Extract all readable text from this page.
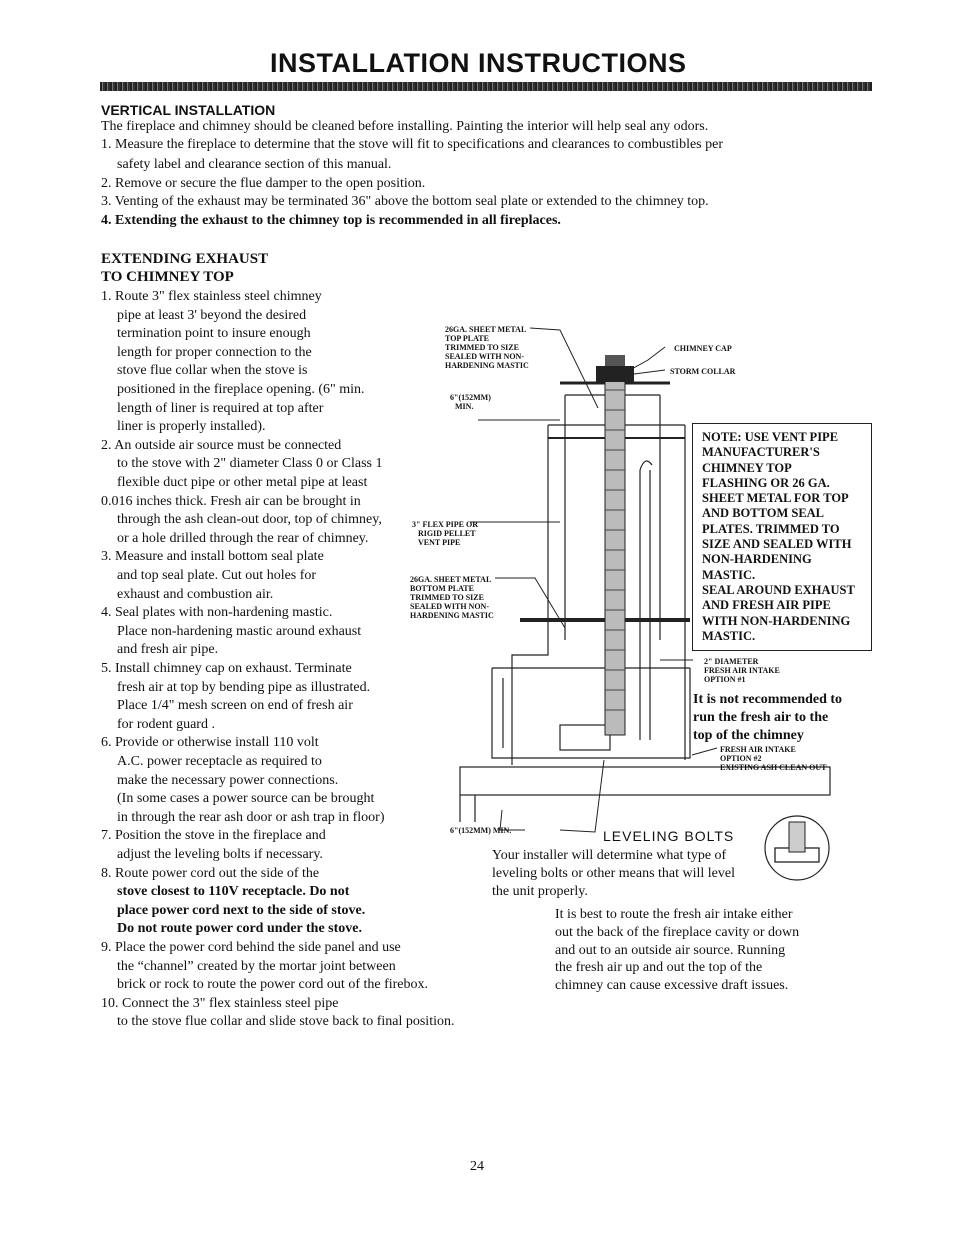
INSTALLATION INSTRUCTIONS
VERTICAL INSTALLATION
The fireplace and chimney should be cleaned before installing. Painting the interior will help seal any odors.
1. Measure the fireplace to determine that the stove will fit to specifications and clearances to combustibles per
safety label and clearance section of this manual.
2. Remove or secure the flue damper to the open position.
3. Venting of the exhaust may be terminated 36" above the bottom seal plate or extended to the chimney top.
4. Extending the exhaust to the chimney top is recommended in all fireplaces.
EXTENDING EXHAUST
TO CHIMNEY TOP
1. Route 3" flex stainless steel chimney
pipe at least 3' beyond the desired
termination point to insure enough
length for proper connection to the
stove flue collar when the stove is
positioned in the fireplace opening. (6" min.
length of liner is required at top after
liner is properly installed).
2. An outside air source must be connected
to the stove with 2" diameter Class 0 or Class 1
flexible duct pipe or other metal pipe at least
0.016 inches thick. Fresh air can be brought in
through the ash clean-out door, top of chimney,
or a hole drilled through the rear of chimney.
3. Measure and install bottom seal plate
and top seal plate. Cut out holes for
exhaust and combustion air.
4. Seal plates with non-hardening mastic.
Place non-hardening mastic around exhaust
and fresh air pipe.
5. Install chimney cap on exhaust. Terminate
fresh air at top by bending pipe as illustrated.
Place 1/4" mesh screen on end of fresh air
for rodent guard .
6. Provide or otherwise install 110 volt
A.C. power receptacle as required to
make the necessary power connections.
(In some cases a power source can be brought
in through the rear ash door or ash trap in floor)
7. Position the stove in the fireplace and
adjust the leveling bolts if necessary.
8. Route power cord out the side of the
stove closest to 110V receptacle. Do not
place power cord next to the side of stove.
Do not route power cord under the stove.
9. Place the power cord behind the side panel and use
the “channel” created by the mortar joint between
brick or rock to route the power cord out of the firebox.
10. Connect the 3" flex stainless steel pipe
to the stove flue collar and slide stove back to final position.
26GA. SHEET METAL
TOP PLATE
TRIMMED TO SIZE
SEALED WITH NON-
HARDENING MASTIC
6"(152MM)
MIN.
CHIMNEY CAP
STORM COLLAR
3" FLEX PIPE OR
RIGID PELLET
VENT PIPE
26GA. SHEET METAL
BOTTOM PLATE
TRIMMED TO SIZE
SEALED WITH NON-
HARDENING MASTIC
2" DIAMETER
FRESH AIR INTAKE
OPTION #1
FRESH AIR INTAKE
OPTION #2
EXISTING ASH CLEAN OUT
6"(152MM) MIN.	LEVELING BOLTS
NOTE: USE VENT PIPE
MANUFACTURER'S
CHIMNEY TOP
FLASHING OR 26 GA.
SHEET METAL FOR TOP
AND BOTTOM SEAL
PLATES. TRIMMED TO
SIZE AND SEALED WITH
NON-HARDENING
MASTIC.
SEAL AROUND EXHAUST
AND FRESH AIR PIPE
WITH NON-HARDENING
MASTIC.
It is not recommended to
run the fresh air to the
top of the chimney
Your installer will determine what type of
leveling bolts or other means that will level
the unit properly.
It is best to route the fresh air intake either
out the back of the fireplace cavity or down
and out to an outside air source. Running
the fresh air up and out the top of the
chimney can cause excessive draft issues.
24
